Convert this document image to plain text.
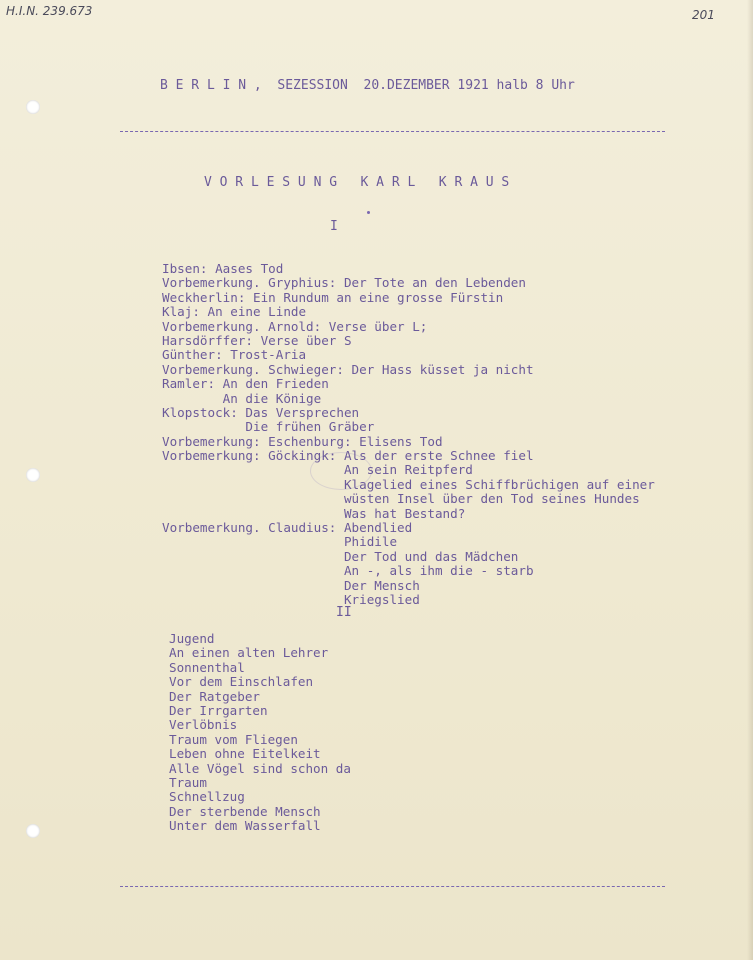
H.I.N. 239.673	201
B E R L I N ,  SEZESSION  20.DEZEMBER 1921 halb 8 Uhr
V O R L E S U N G   K A R L   K R A U S
I
Ibsen: Aases Tod
Vorbemerkung. Gryphius: Der Tote an den Lebenden
Weckherlin: Ein Rundum an eine grosse Fürstin
Klaj: An eine Linde
Vorbemerkung. Arnold: Verse über L;
Harsdörffer: Verse über S
Günther: Trost-Aria
Vorbemerkung. Schwieger: Der Hass küsset ja nicht
Ramler: An den Frieden
An die Könige
Klopstock: Das Versprechen
Die frühen Gräber
Vorbemerkung: Eschenburg: Elisens Tod
Vorbemerkung: Göckingk: Als der erste Schnee fiel
An sein Reitpferd
Klagelied eines Schiffbrüchigen auf einer
wüsten Insel über den Tod seines Hundes
Was hat Bestand?
Vorbemerkung. Claudius: Abendlied
Phidile
Der Tod und das Mädchen
An -, als ihm die - starb
Der Mensch
Kriegslied
II
Jugend
An einen alten Lehrer
Sonnenthal
Vor dem Einschlafen
Der Ratgeber
Der Irrgarten
Verlöbnis
Traum vom Fliegen
Leben ohne Eitelkeit
Alle Vögel sind schon da
Traum
Schnellzug
Der sterbende Mensch
Unter dem Wasserfall
